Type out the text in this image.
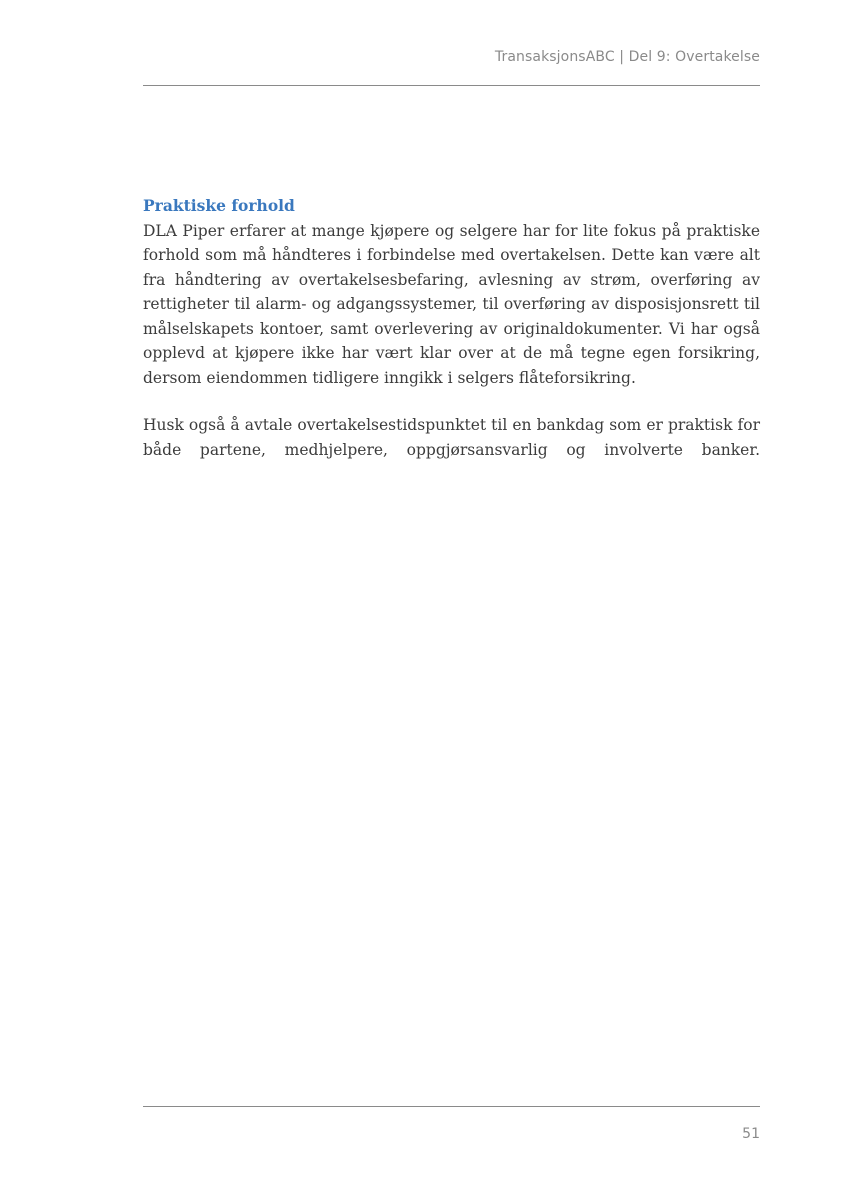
TransaksjonsABC | Del 9: Overtakelse
Praktiske forhold

DLA Piper erfarer at mange kjøpere og selgere har for lite fokus på praktiske forhold som må håndteres i forbindelse med overtakelsen. Dette kan være alt fra håndtering av overtakelsesbefaring, avlesning av strøm, overføring av rettigheter til alarm- og adgangssystemer, til overføring av disposisjonsrett til målselskapets kontoer, samt overlevering av originaldokumenter. Vi har også opplevd at kjøpere ikke har vært klar over at de må tegne egen forsikring, dersom eiendommen tidligere inngikk i selgers flåteforsikring.

Husk også å avtale overtakelsestidspunktet til en bankdag som er praktisk for både partene, medhjelpere, oppgjørsansvarlig og involverte banker.

51
